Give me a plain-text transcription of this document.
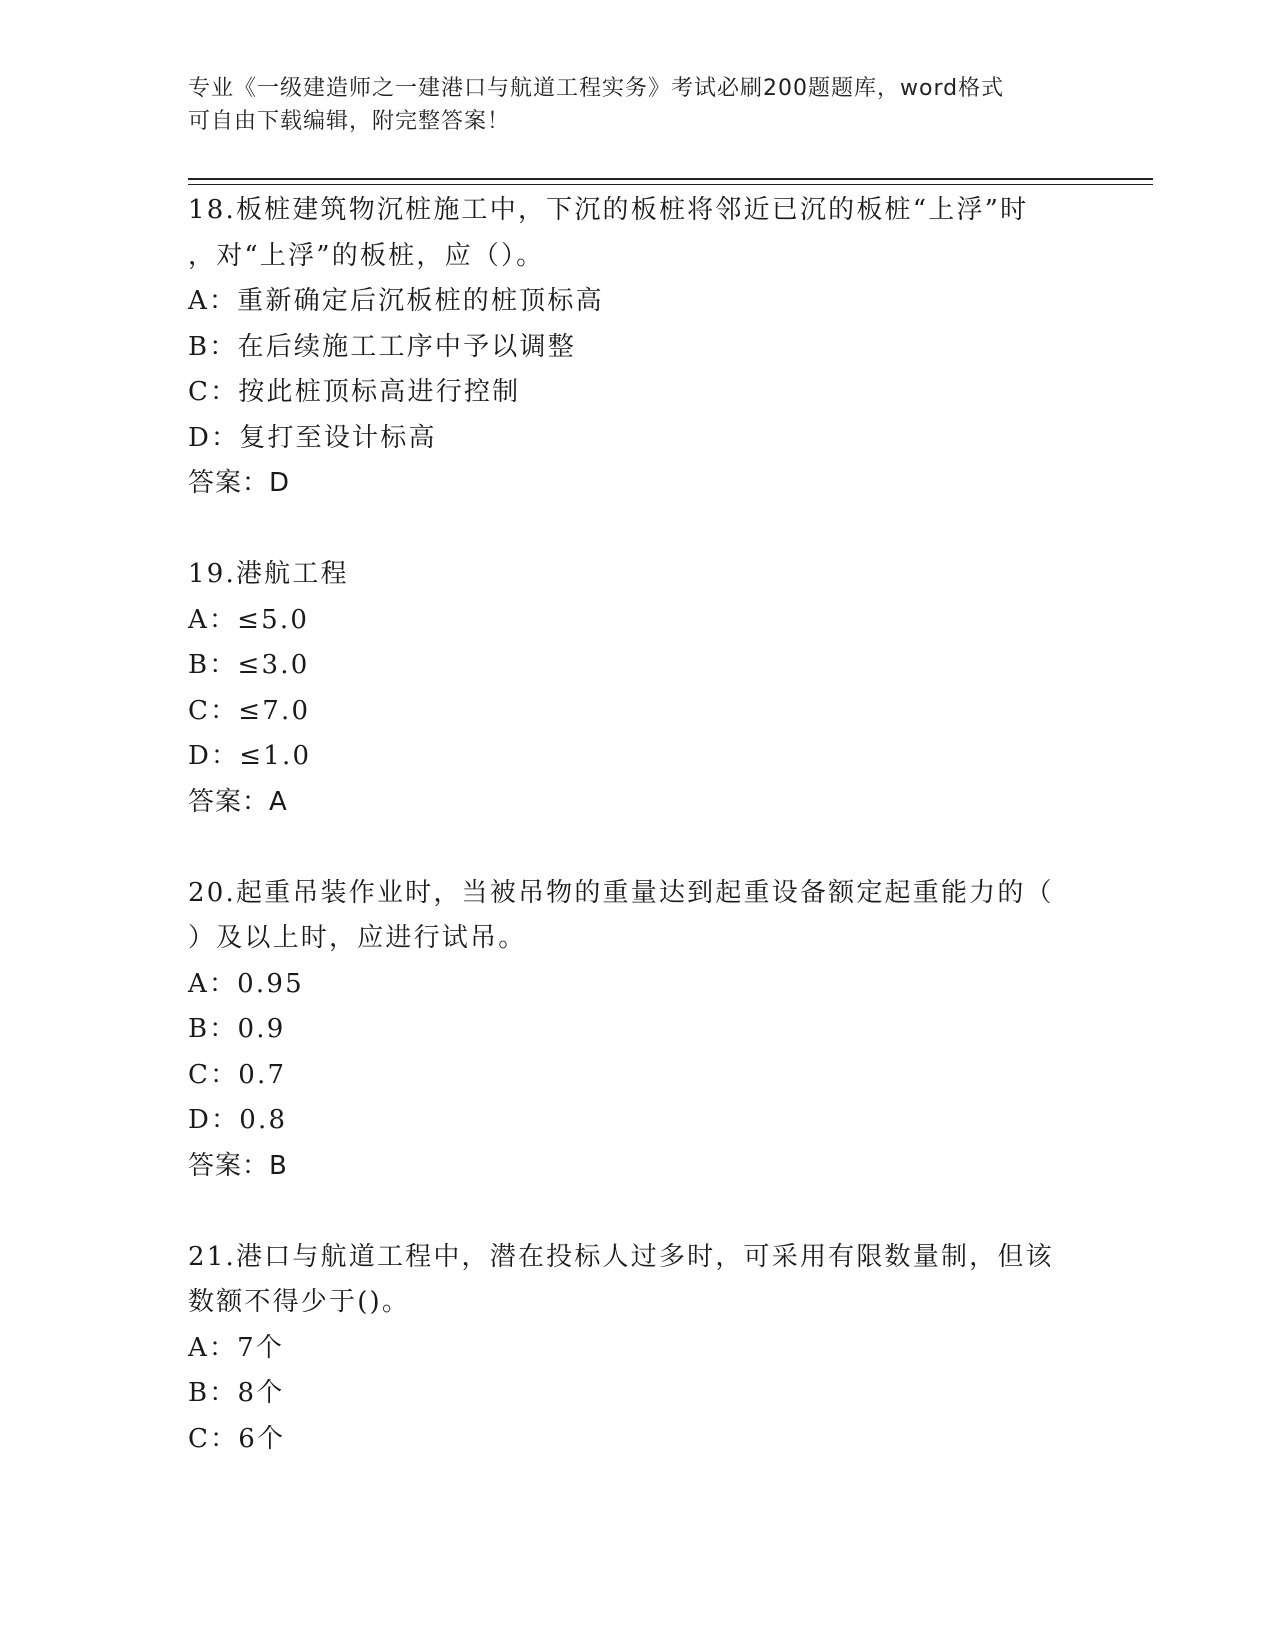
专业《一级建造师之一建港口与航道工程实务》考试必刷200题题库，word格式
可自由下载编辑，附完整答案！
18.板桩建筑物沉桩施工中，下沉的板桩将邻近已沉的板桩“上浮”时
，对“上浮”的板桩，应（）。
A：重新确定后沉板桩的桩顶标高
B：在后续施工工序中予以调整
C：按此桩顶标高进行控制
D：复打至设计标高
答案：D
19.港航工程
A：≤5.0
B：≤3.0
C：≤7.0
D：≤1.0
答案：A
20.起重吊装作业时，当被吊物的重量达到起重设备额定起重能力的（
）及以上时，应进行试吊。
A：0.95
B：0.9
C：0.7
D：0.8
答案：B
21.港口与航道工程中，潜在投标人过多时，可采用有限数量制，但该
数额不得少于()。
A：7个
B：8个
C：6个
